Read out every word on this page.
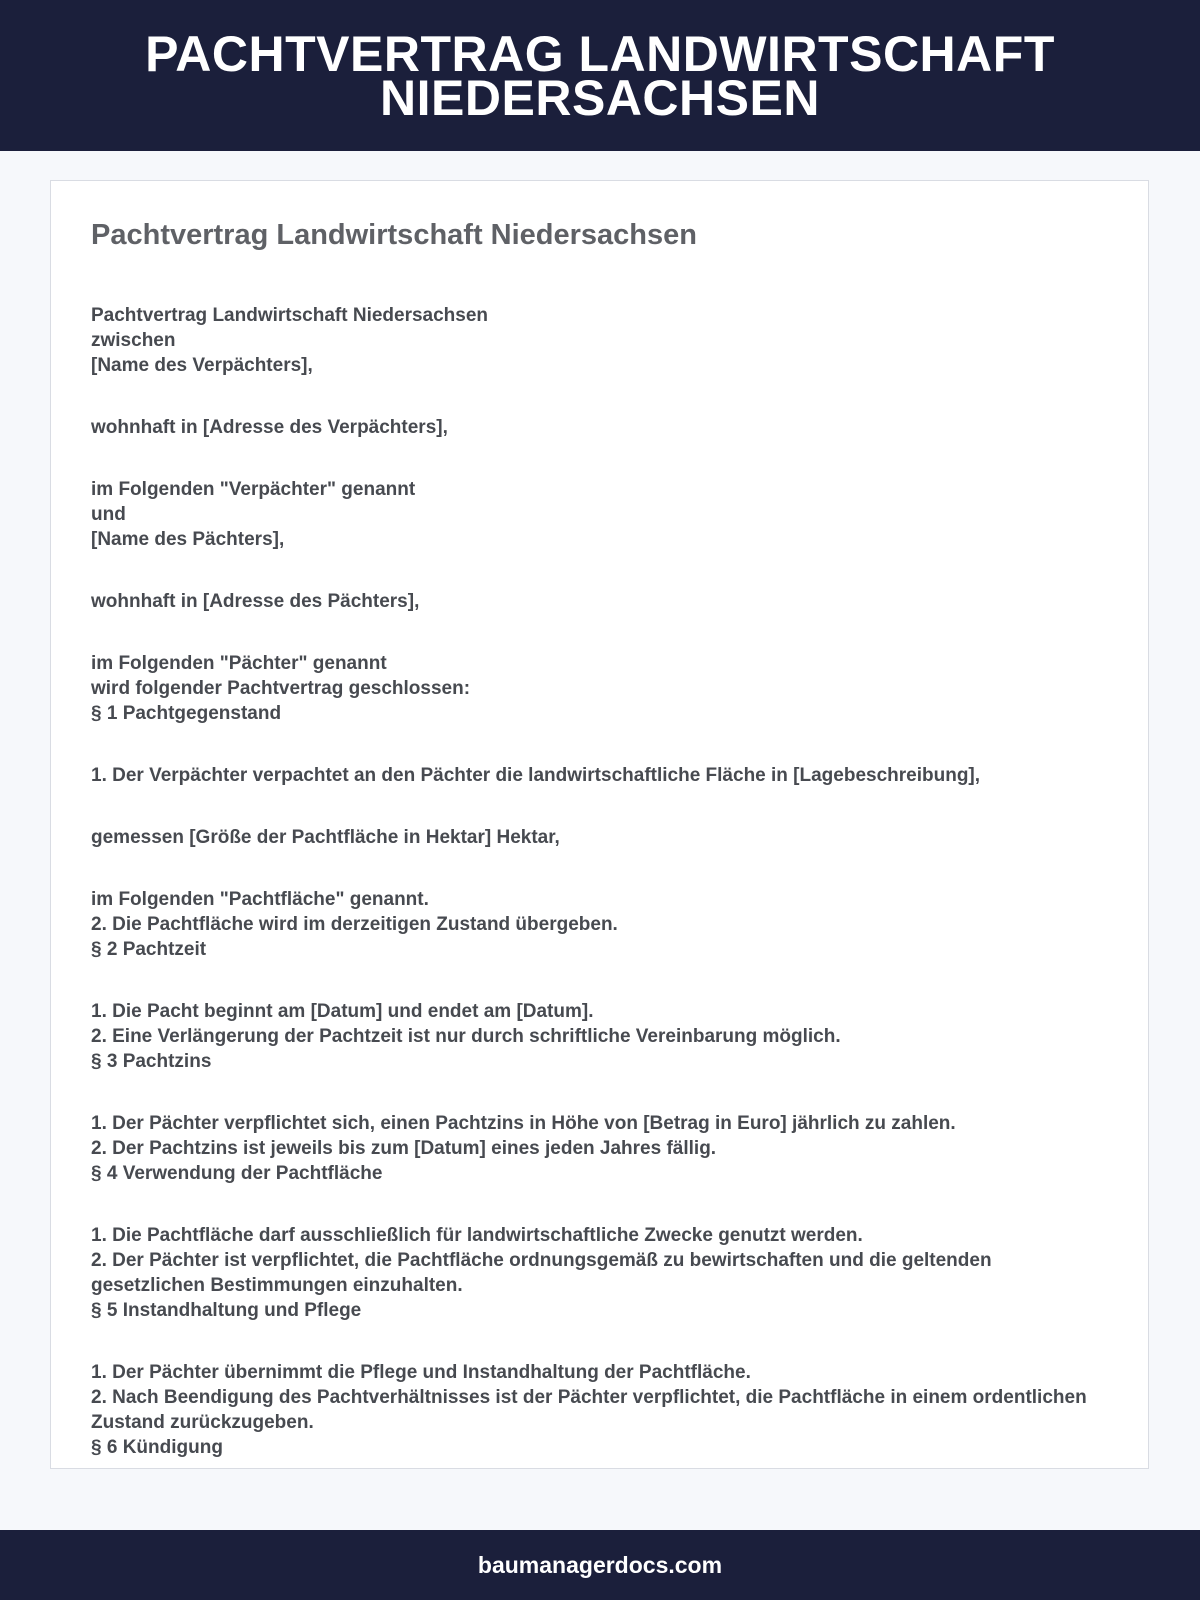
PACHTVERTRAG LANDWIRTSCHAFT NIEDERSACHSEN
Pachtvertrag Landwirtschaft Niedersachsen

Pachtvertrag Landwirtschaft Niedersachsen
zwischen
[Name des Verpächters],

wohnhaft in [Adresse des Verpächters],

im Folgenden "Verpächter" genannt
und
[Name des Pächters],

wohnhaft in [Adresse des Pächters],

im Folgenden "Pächter" genannt
wird folgender Pachtvertrag geschlossen:
§ 1 Pachtgegenstand

1. Der Verpächter verpachtet an den Pächter die landwirtschaftliche Fläche in [Lagebeschreibung],

gemessen [Größe der Pachtfläche in Hektar] Hektar,

im Folgenden "Pachtfläche" genannt.
2. Die Pachtfläche wird im derzeitigen Zustand übergeben.
§ 2 Pachtzeit

1. Die Pacht beginnt am [Datum] und endet am [Datum].
2. Eine Verlängerung der Pachtzeit ist nur durch schriftliche Vereinbarung möglich.
§ 3 Pachtzins

1. Der Pächter verpflichtet sich, einen Pachtzins in Höhe von [Betrag in Euro] jährlich zu zahlen.
2. Der Pachtzins ist jeweils bis zum [Datum] eines jeden Jahres fällig.
§ 4 Verwendung der Pachtfläche

1. Die Pachtfläche darf ausschließlich für landwirtschaftliche Zwecke genutzt werden.
2. Der Pächter ist verpflichtet, die Pachtfläche ordnungsgemäß zu bewirtschaften und die geltenden gesetzlichen Bestimmungen einzuhalten.
§ 5 Instandhaltung und Pflege

1. Der Pächter übernimmt die Pflege und Instandhaltung der Pachtfläche.
2. Nach Beendigung des Pachtverhältnisses ist der Pächter verpflichtet, die Pachtfläche in einem ordentlichen Zustand zurückzugeben.
§ 6 Kündigung

baumanagerdocs.com
